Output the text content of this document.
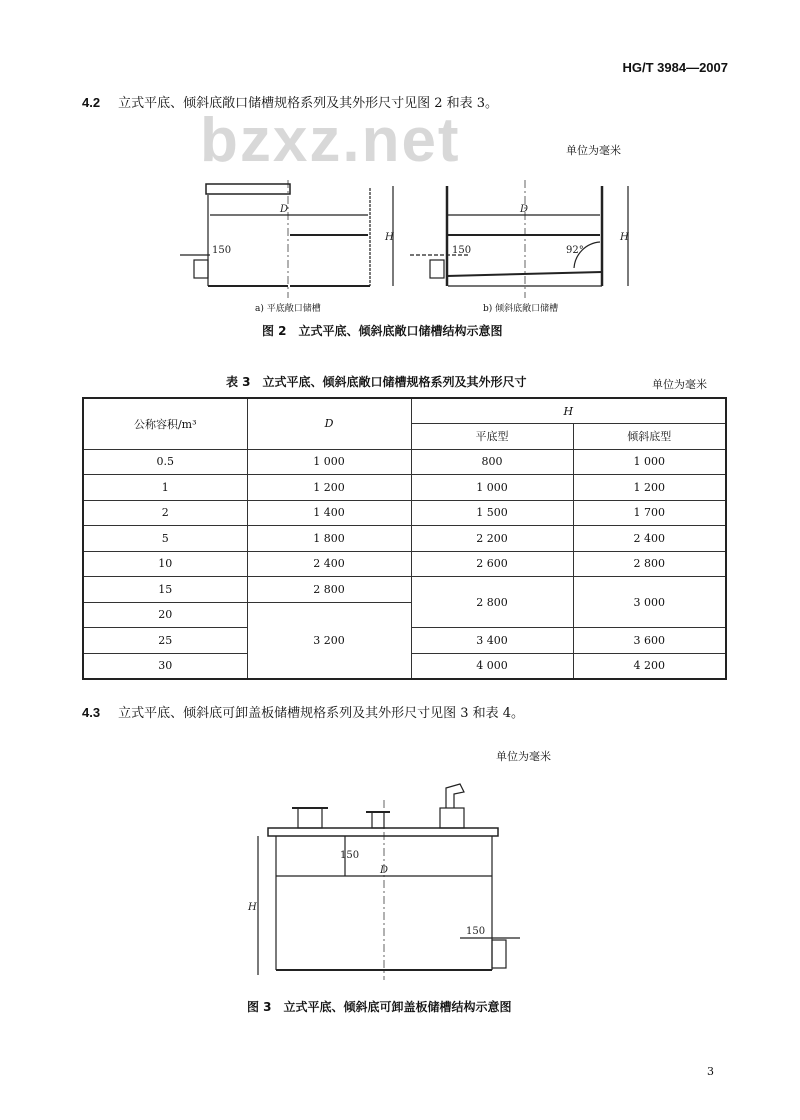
bzxz.net
HG/T 3984—2007
4.2 立式平底、倾斜底敞口储槽规格系列及其外形尺寸见图 2 和表 3。
单位为毫米
D
H
150
D
H
150	92°
a) 平底敞口储槽	b) 倾斜底敞口储槽
图 2　立式平底、倾斜底敞口储槽结构示意图
表 3　立式平底、倾斜底敞口储槽规格系列及其外形尺寸	单位为毫米
公称容积/m³	D	H	
		平底型	倾斜底型
0.5	1 000	800	1 000
1	1 200	1 000	1 200
2	1 400	1 500	1 700
5	1 800	2 200	2 400
10	2 400	2 600	2 800
15	2 800	2 800	3 000
20	3 200		
25		3 400	3 600
30		4 000	4 200
4.3 立式平底、倾斜底可卸盖板储槽规格系列及其外形尺寸见图 3 和表 4。
单位为毫米
D
H
150
150
图 3　立式平底、倾斜底可卸盖板储槽结构示意图
3
